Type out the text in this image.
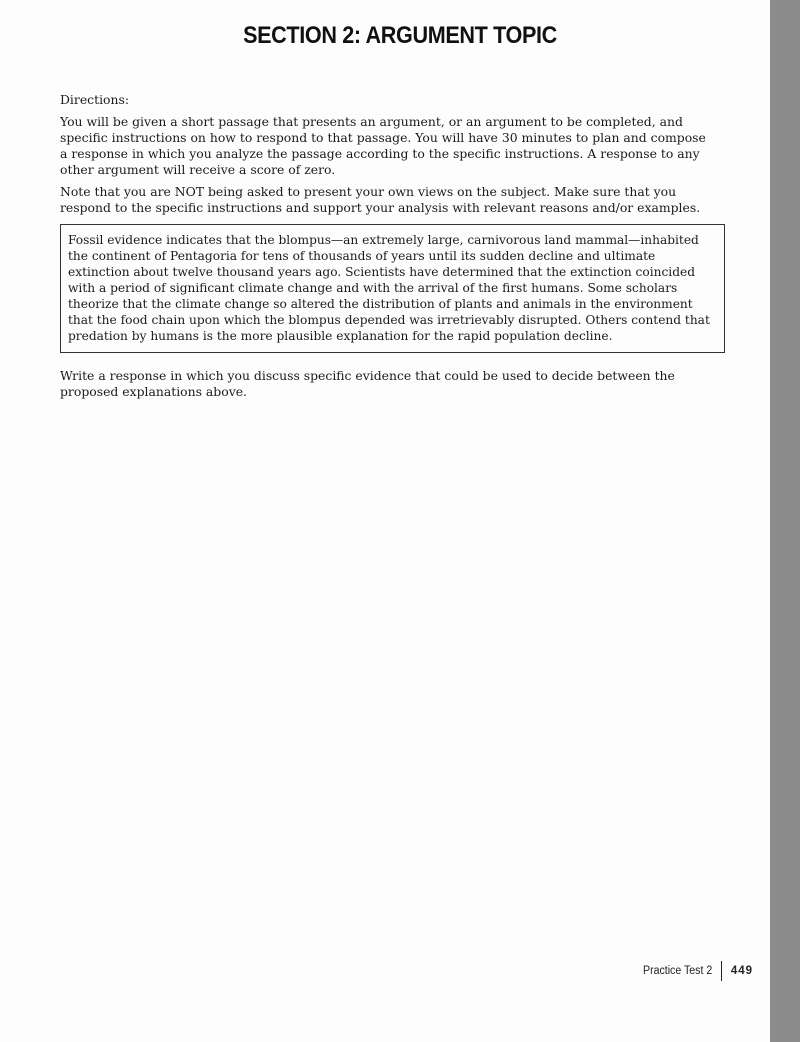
SECTION 2: ARGUMENT TOPIC

Directions:

You will be given a short passage that presents an argument, or an argument to be completed, and specific instructions on how to respond to that passage. You will have 30 minutes to plan and compose a response in which you analyze the passage according to the specific instructions. A response to any other argument will receive a score of zero.

Note that you are NOT being asked to present your own views on the subject. Make sure that you respond to the specific instructions and support your analysis with relevant reasons and/or examples.

Fossil evidence indicates that the blompus—an extremely large, carnivorous land mammal—inhabited the continent of Pentagoria for tens of thousands of years until its sudden decline and ultimate extinction about twelve thousand years ago. Scientists have determined that the extinction coincided with a period of significant climate change and with the arrival of the first humans. Some scholars theorize that the climate change so altered the distribution of plants and animals in the environment that the food chain upon which the blompus depended was irretrievably disrupted. Others contend that predation by humans is the more plausible explanation for the rapid population decline.

Write a response in which you discuss specific evidence that could be used to decide between the proposed explanations above.

Practice Test 2 449
